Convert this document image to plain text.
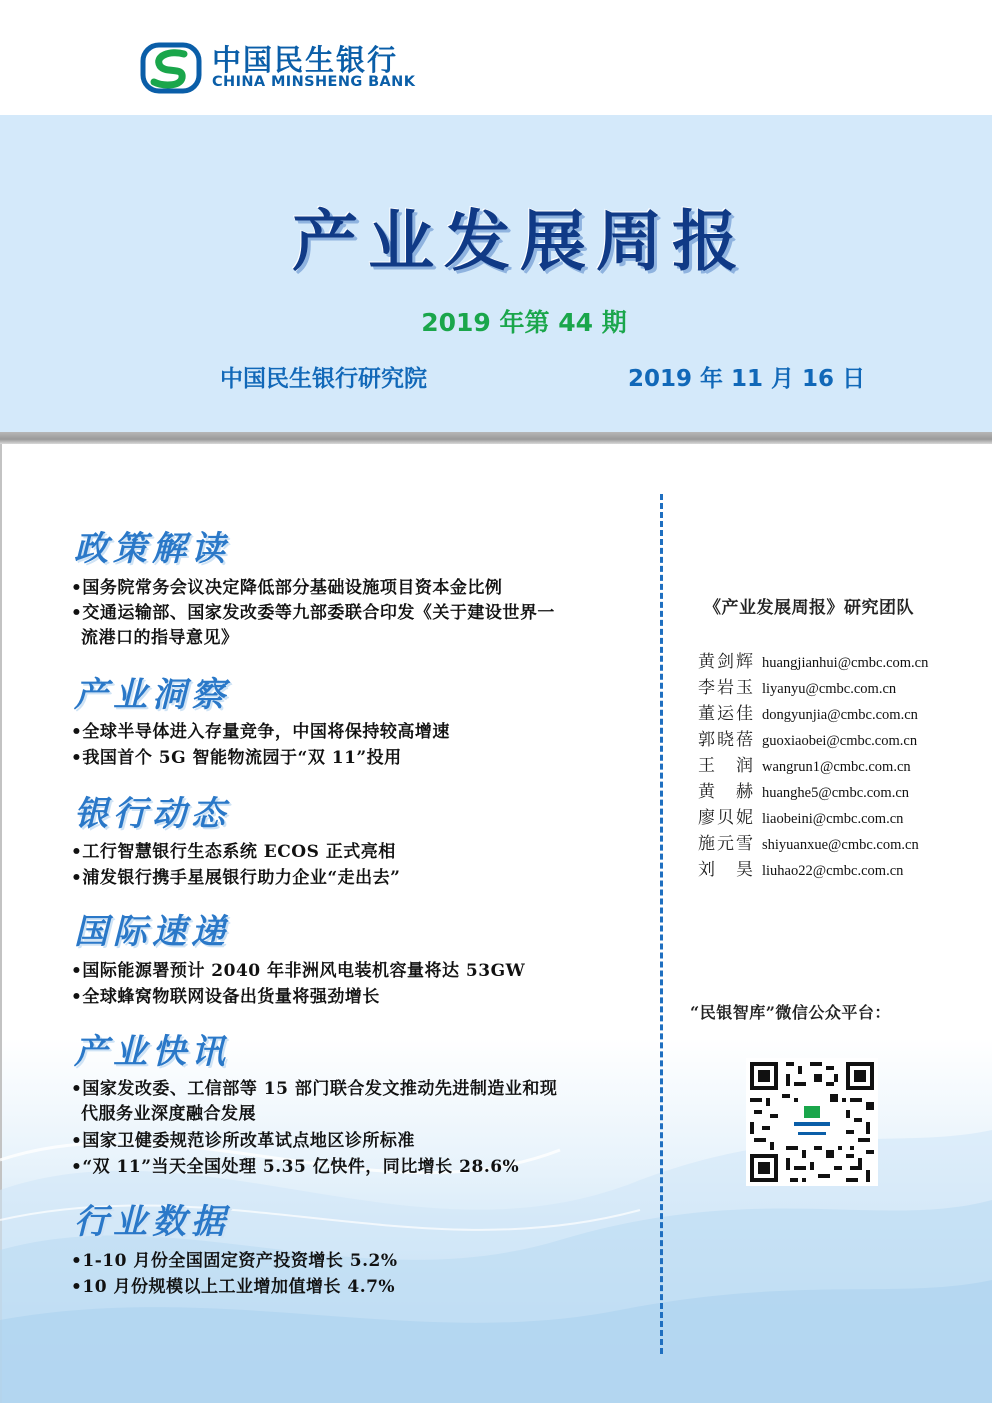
中国民生银行
CHINA MINSHENG BANK
产业发展周报
2019 年第 44 期
中国民生银行研究院	2019 年 11 月 16 日
政策解读
•国务院常务会议决定降低部分基础设施项目资本金比例
•交通运输部、国家发改委等九部委联合印发《关于建设世界一
流港口的指导意见》
产业洞察
•全球半导体进入存量竞争，中国将保持较高增速
•我国首个 5G 智能物流园于“双 11”投用
银行动态
•工行智慧银行生态系统 ECOS 正式亮相
•浦发银行携手星展银行助力企业“走出去”
国际速递
•国际能源署预计 2040 年非洲风电装机容量将达 53GW
•全球蜂窝物联网设备出货量将强劲增长
产业快讯
•国家发改委、工信部等 15 部门联合发文推动先进制造业和现
代服务业深度融合发展
•国家卫健委规范诊所改革试点地区诊所标准
•“双 11”当天全国处理 5.35 亿快件，同比增长 28.6%
行业数据
•1-10 月份全国固定资产投资增长 5.2%
•10 月份规模以上工业增加值增长 4.7%
《产业发展周报》研究团队
黄剑辉 huangjianhui@cmbc.com.cn
李岩玉 liyanyu@cmbc.com.cn
董运佳 dongyunjia@cmbc.com.cn
郭晓蓓 guoxiaobei@cmbc.com.cn
王　润 wangrun1@cmbc.com.cn
黄　赫 huanghe5@cmbc.com.cn
廖贝妮 liaobeini@cmbc.com.cn
施元雪 shiyuanxue@cmbc.com.cn
刘　昊 liuhao22@cmbc.com.cn
“民银智库”微信公众平台：
